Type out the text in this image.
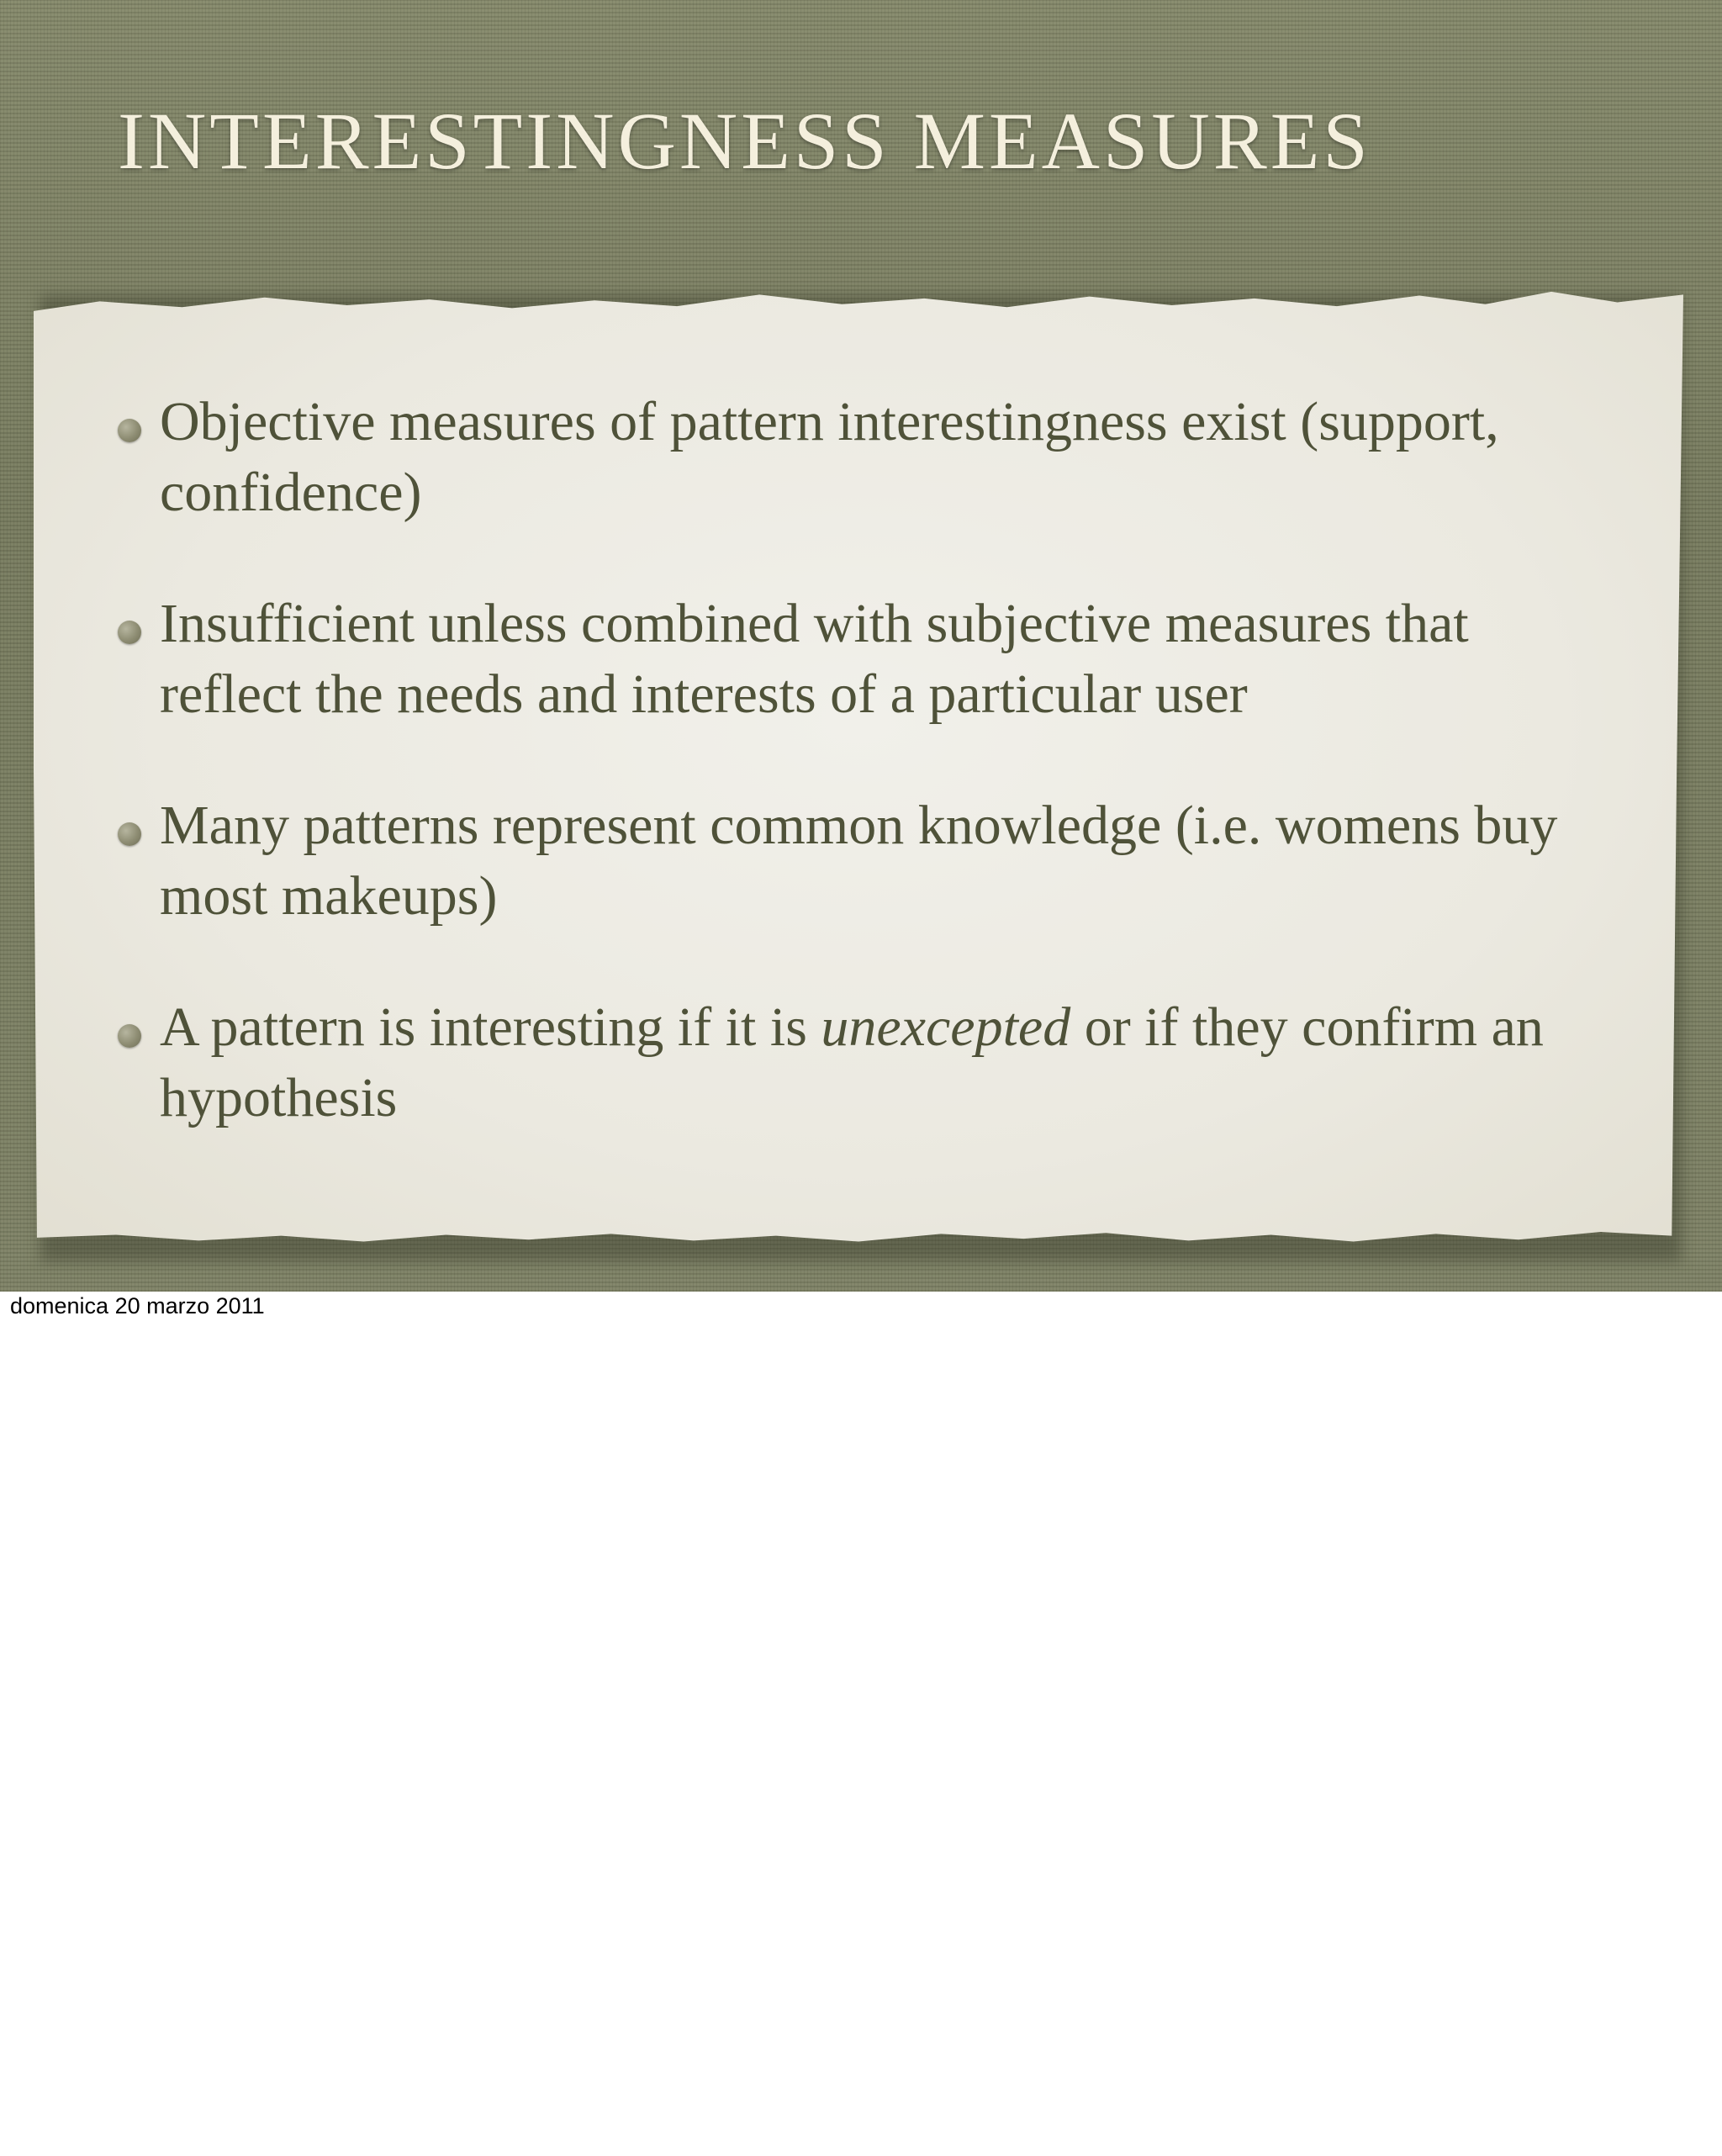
INTERESTINGNESS MEASURES
Objective measures of pattern interestingness exist (support, confidence)
Insufficient unless combined with subjective measures that reflect the needs and interests of a particular user
Many patterns represent common knowledge (i.e. womens buy most makeups)
A pattern is interesting if it is unexcepted or if they confirm an hypothesis
domenica 20 marzo 2011
